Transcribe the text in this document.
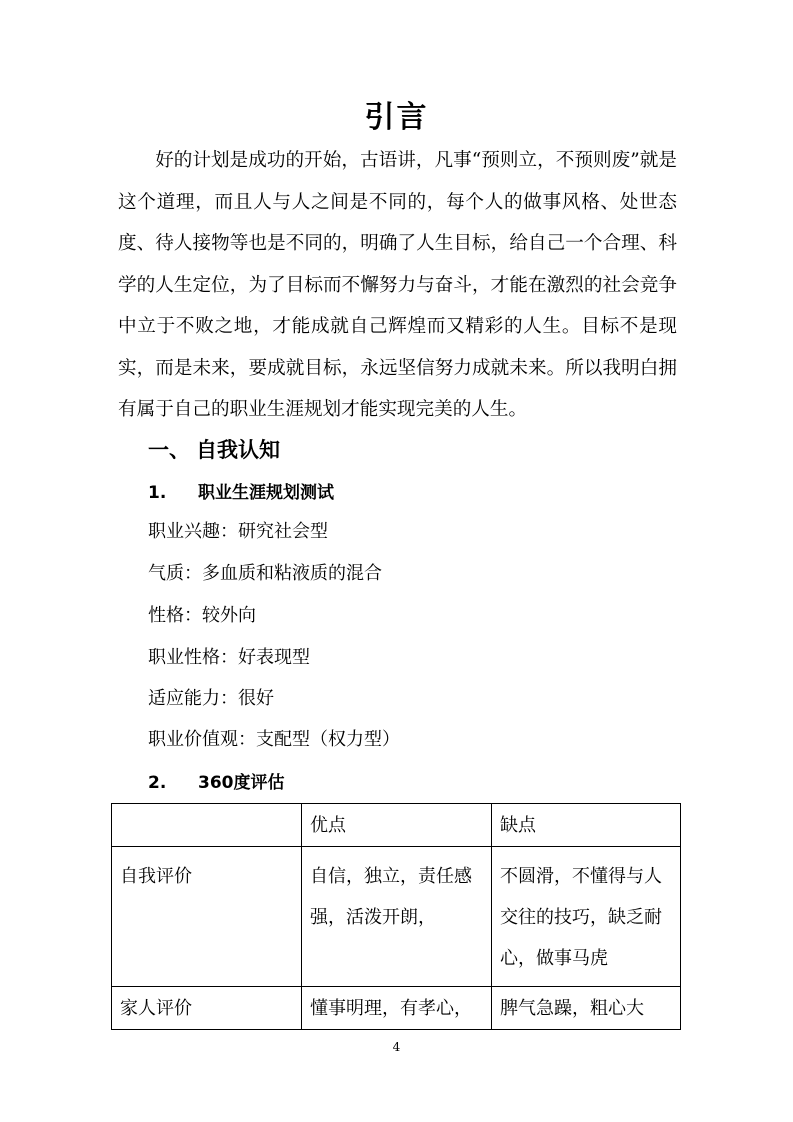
引言

好的计划是成功的开始，古语讲，凡事“预则立，不预则废”就是这个道理，而且人与人之间是不同的，每个人的做事风格、处世态度、待人接物等也是不同的，明确了人生目标，给自己一个合理、科学的人生定位，为了目标而不懈努力与奋斗，才能在激烈的社会竞争中立于不败之地，才能成就自己辉煌而又精彩的人生。目标不是现实，而是未来，要成就目标，永远坚信努力成就未来。所以我明白拥有属于自己的职业生涯规划才能实现完美的人生。

一、 自我认知
1. 职业生涯规划测试
职业兴趣：研究社会型
气质：多血质和粘液质的混合
性格：较外向
职业性格：好表现型
适应能力：很好
职业价值观：支配型（权力型）
2. 360度评估
	优点	缺点
自我评价	自信，独立，责任感强，活泼开朗，	不圆滑，不懂得与人交往的技巧，缺乏耐心，做事马虎
家人评价	懂事明理，有孝心，	脾气急躁，粗心大
4
